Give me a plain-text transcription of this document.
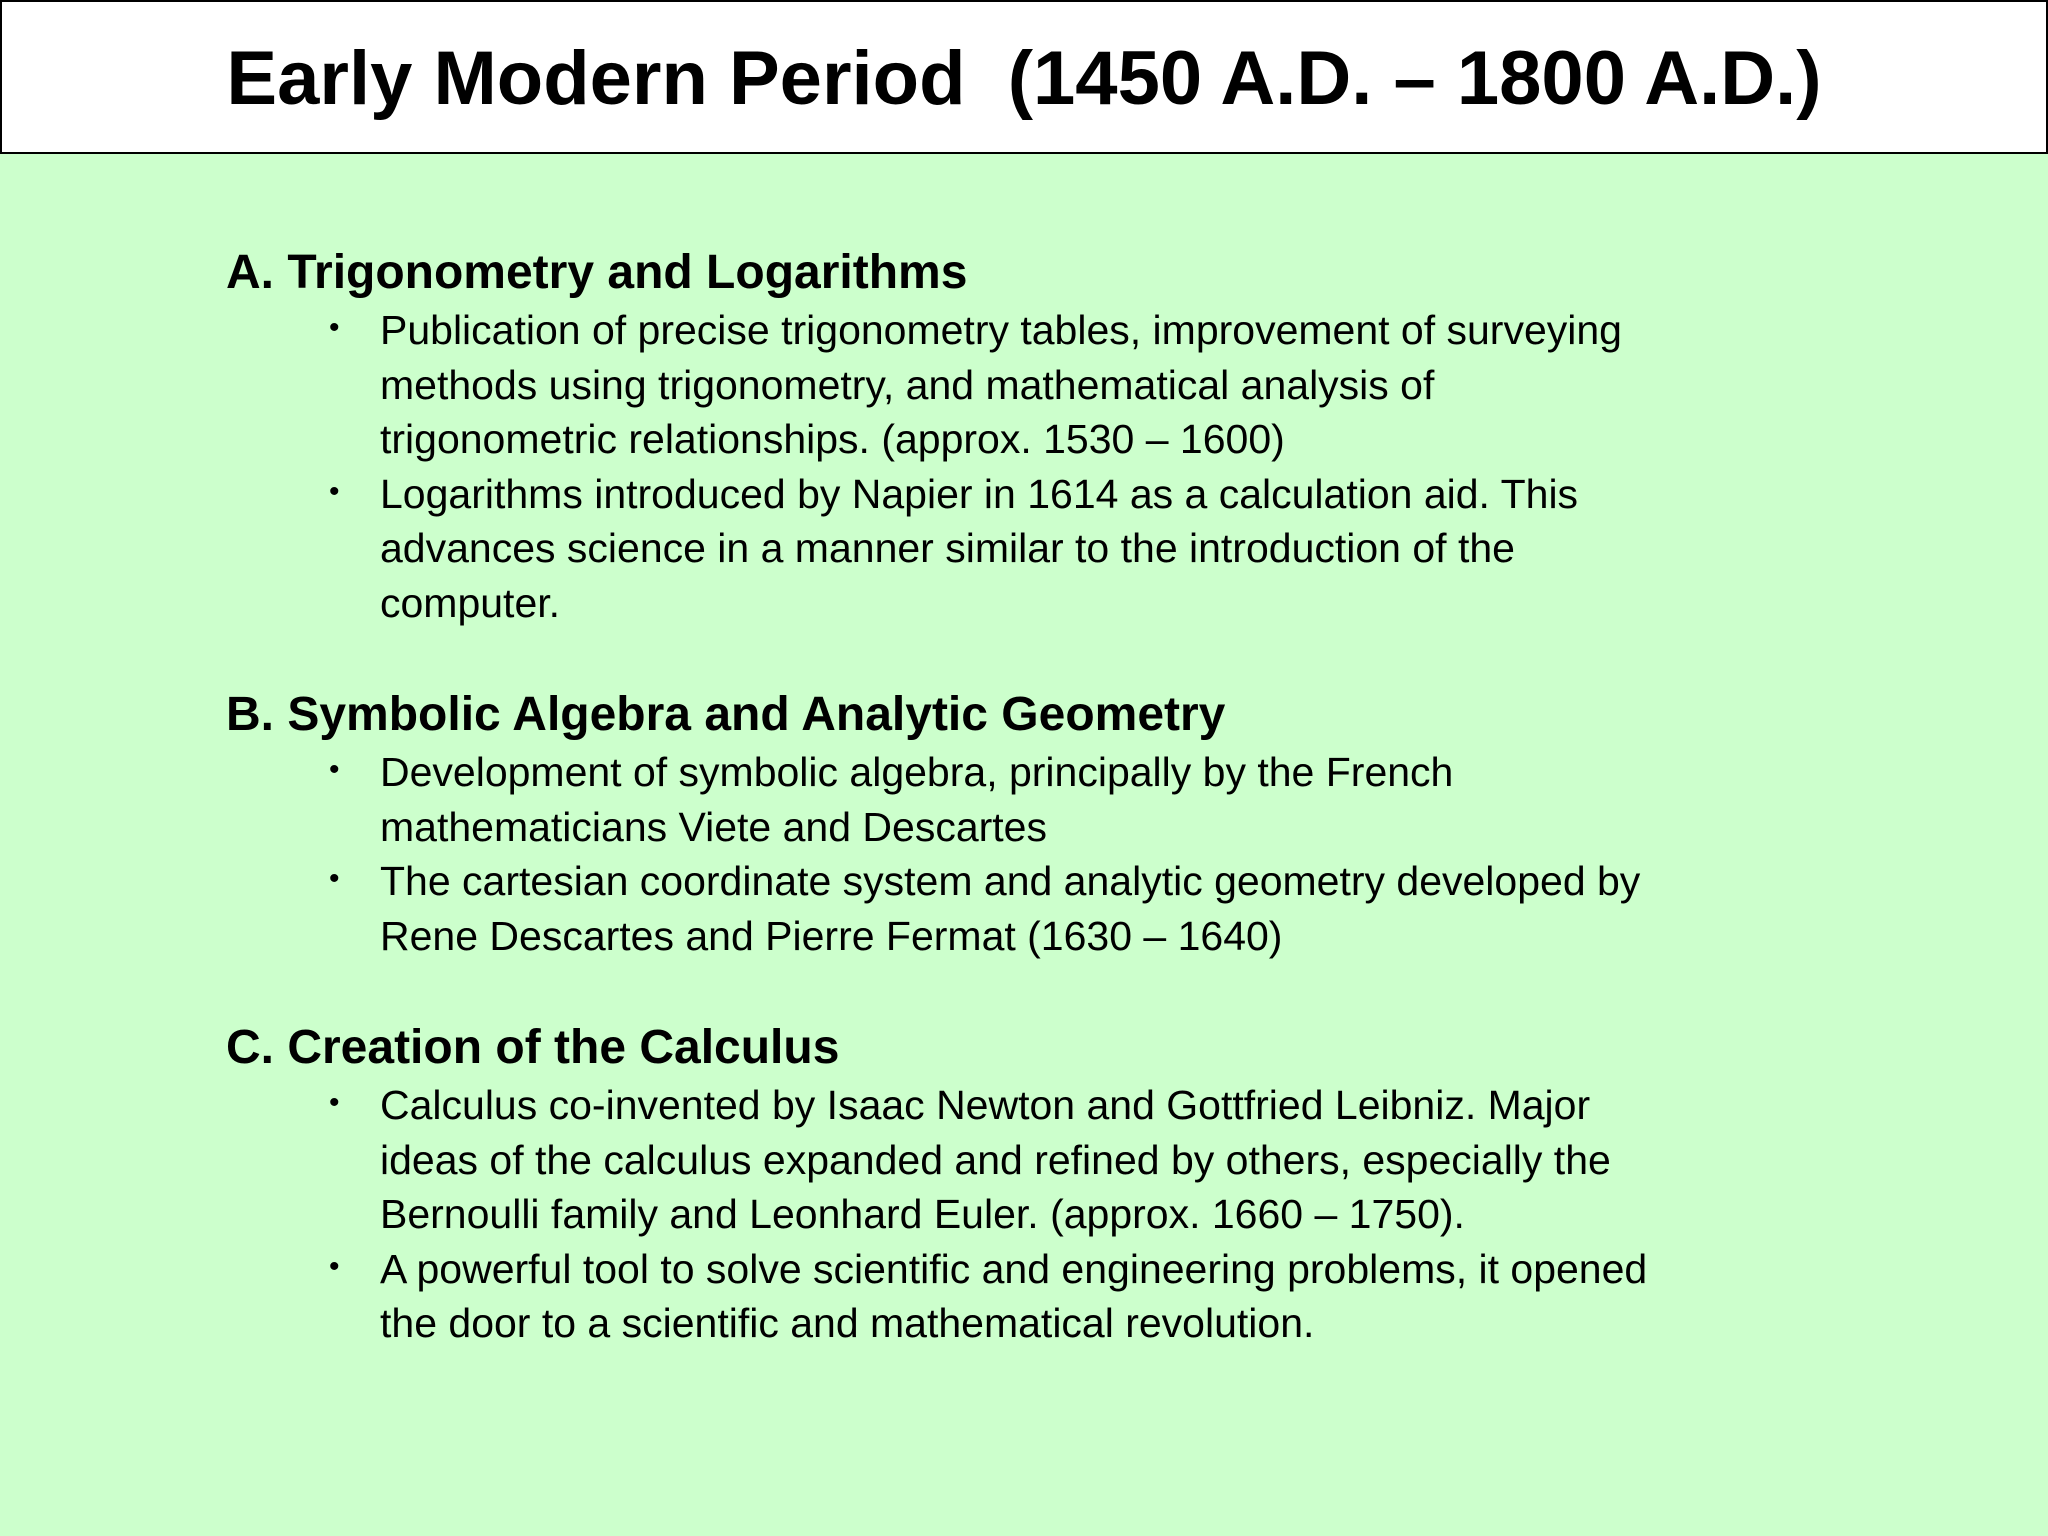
Early Modern Period  (1450 A.D. – 1800 A.D.)
A. Trigonometry and Logarithms
• Publication of precise trigonometry tables, improvement of surveying
methods using trigonometry, and mathematical analysis of
trigonometric relationships. (approx. 1530 – 1600)
• Logarithms introduced by Napier in 1614 as a calculation aid. This
advances science in a manner similar to the introduction of the
computer.
B. Symbolic Algebra and Analytic Geometry
• Development of symbolic algebra, principally by the French
mathematicians Viete and Descartes
• The cartesian coordinate system and analytic geometry developed by
Rene Descartes and Pierre Fermat (1630 – 1640)
C. Creation of the Calculus
• Calculus co-invented by Isaac Newton and Gottfried Leibniz. Major
ideas of the calculus expanded and refined by others, especially the
Bernoulli family and Leonhard Euler. (approx. 1660 – 1750).
• A powerful tool to solve scientific and engineering problems, it opened
the door to a scientific and mathematical revolution.
